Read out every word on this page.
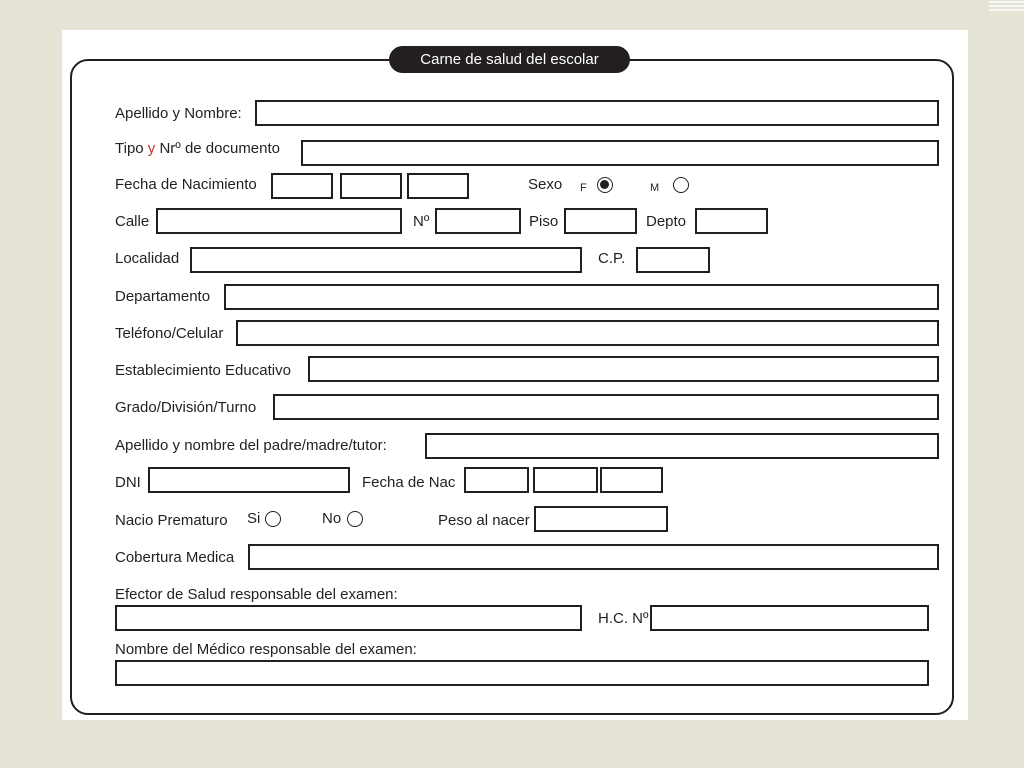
Carne de salud del escolar
Apellido y Nombre:
Tipo y Nrº de documento
Fecha de Nacimiento	Sexo F	M
Calle	Nº	Piso	Depto
Localidad	C.P.
Departamento
Teléfono/Celular
Establecimiento Educativo
Grado/División/Turno
Apellido y nombre del padre/madre/tutor:
DNI	Fecha de Nac
Nacio Prematuro Si	No	Peso al nacer
Cobertura Medica
Efector de Salud responsable del examen:
H.C. Nº
Nombre del Médico responsable del examen:
